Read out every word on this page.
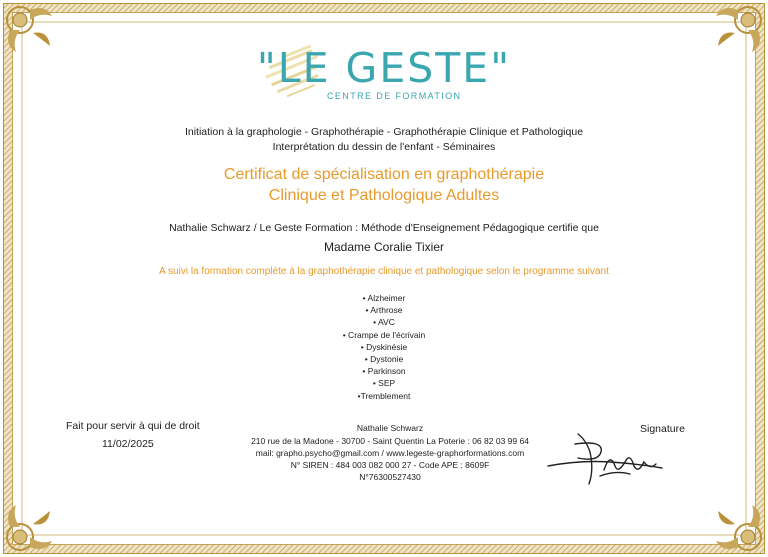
"LE GESTE"
CENTRE DE FORMATION
Initiation à la graphologie - Graphothérapie - Graphothérapie Clinique et Pathologique
Interprétation du dessin de l'enfant - Séminaires
Certificat de spécialisation en graphothérapie
Clinique et Pathologique Adultes
Nathalie Schwarz / Le Geste Formation : Méthode d'Enseignement Pédagogique certifie que
Madame Coralie Tixier
A suivi la formation complète à la graphothérapie clinique et pathologique selon le programme suivant
• Alzheimer
• Arthrose
• AVC
• Crampe de l'écrivain
• Dyskinésie
• Dystonie
• Parkinson
• SEP
•Tremblement
Fait pour servir à qui de droit
11/02/2025
Signature
Nathalie Schwarz
210 rue de la Madone - 30700 - Saint Quentin La Poterie : 06 82 03 99 64
mail: grapho.psycho@gmail.com / www.legeste-graphorformations.com
N° SIREN : 484 003 082 000 27 - Code APE : 8609F
N°76300527430
